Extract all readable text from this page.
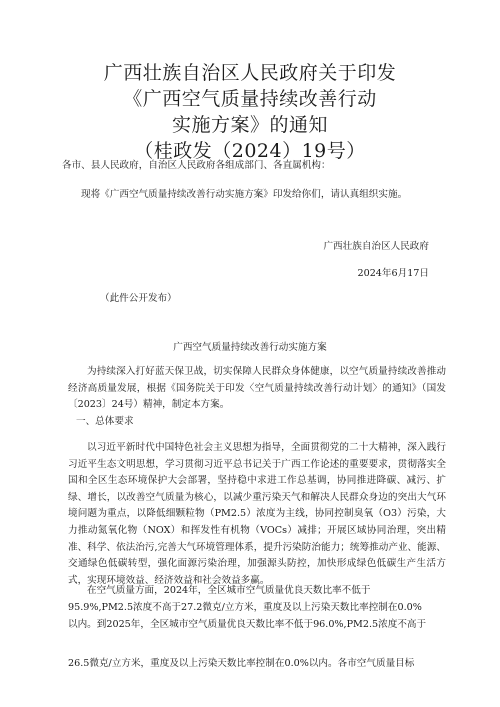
广西壮族自治区人民政府关于印发
《广西空气质量持续改善行动
实施方案》的通知
（桂政发（2024）19号）
各市、县人民政府，自治区人民政府各组成部门、各直属机构：
现将《广西空气质量持续改善行动实施方案》印发给你们，请认真组织实施。
广西壮族自治区人民政府
2024年6月17日
（此件公开发布）
广西空气质量持续改善行动实施方案
为持续深入打好蓝天保卫战，切实保障人民群众身体健康，以空气质量持续改善推动经济高质量发展，根据《国务院关于印发〈空气质量持续改善行动计划〉的通知》（国发〔2023〕24号）精神，制定本方案。
一、总体要求
以习近平新时代中国特色社会主义思想为指导，全面贯彻党的二十大精神，深入践行习近平生态文明思想，学习贯彻习近平总书记关于广西工作论述的重要要求，贯彻落实全国和全区生态环境保护大会部署，坚持稳中求进工作总基调，协同推进降碳、减污、扩绿、增长，以改善空气质量为核心，以减少重污染天气和解决人民群众身边的突出大气环境问题为重点，以降低细颗粒物（PM2.5）浓度为主线，协同控制臭氧（O3）污染，大力推动氮氧化物（NOX）和挥发性有机物（VOCs）减排；开展区域协同治理，突出精准、科学、依法治污,完善大气环境管理体系，提升污染防治能力；统筹推动产业、能源、交通绿色低碳转型，强化面源污染治理，加强源头防控，加快形成绿色低碳生产生活方式，实现环境效益、经济效益和社会效益多赢。
在空气质量方面，2024年，全区城市空气质量优良天数比率不低于
95.9%,PM2.5浓度不高于27.2微克/立方米，重度及以上污染天数比率控制在0.0%
以内。到2025年，全区城市空气质量优良天数比率不低于96.0%,PM2.5浓度不高于
26.5微克/立方米，重度及以上污染天数比率控制在0.0%以内。各市空气质量目标
